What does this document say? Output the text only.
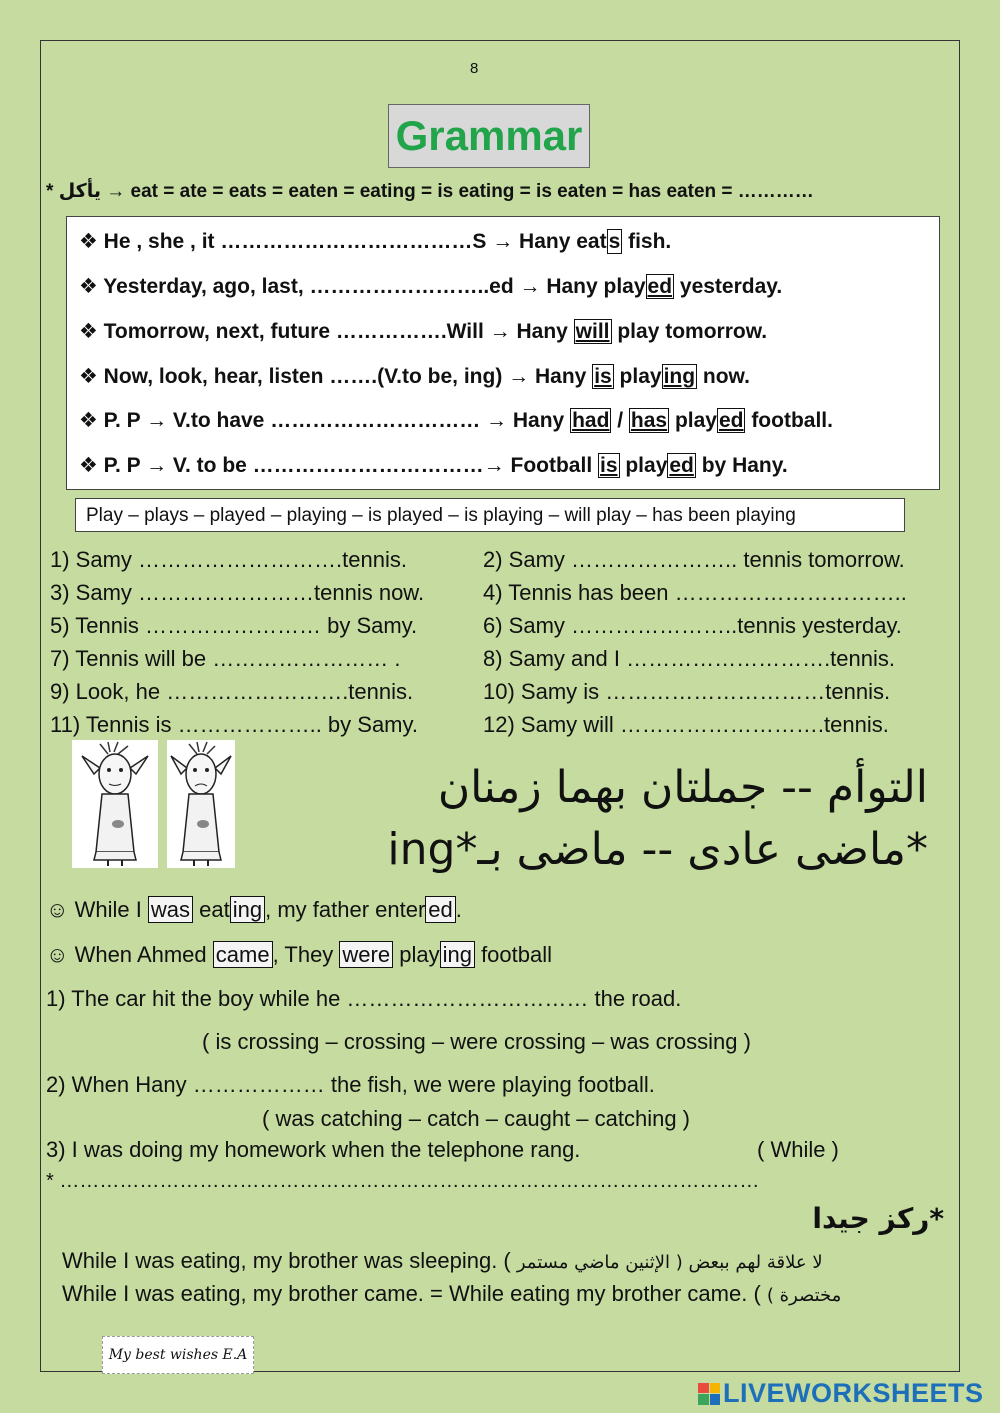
8
Grammar
* يأكل → eat = ate = eats = eaten = eating = is eating = is eaten = has eaten = …………
❖ He , she , it ………………………………S → Hany eats fish.
❖ Yesterday, ago, last, ……………………..ed → Hany played yesterday.
❖ Tomorrow, next, future …………….Will → Hany will play tomorrow.
❖ Now, look, hear, listen …….(V.to be, ing) → Hany is playing now.
❖ P. P → V.to have ………………………… → Hany had / has played football.
❖ P. P → V. to be ……………………………→ Football is played by Hany.
Play – plays – played – playing – is played – is playing – will play – has been playing
1) Samy ……………………….tennis.	2) Samy ………………….. tennis tomorrow.
3) Samy ……………………tennis now.	4) Tennis has been …………………………..
5) Tennis …………………… by Samy.	6) Samy …………………..tennis yesterday.
7) Tennis will be …………………… .	8) Samy and I ……………………….tennis.
9) Look, he …………………….tennis.	10) Samy is …………………………tennis.
11) Tennis is ……………….. by Samy.	12) Samy will ……………………….tennis.
التوأم -- جملتان بهما زمنان
*ماضى عادى -- ماضى بـ*ing
☺ While I was eat ing , my father enter ed .
☺ When Ahmed came , They were play ing football
1) The car hit the boy while he …………………………… the road.
( is crossing – crossing – were crossing – was crossing )
2) When Hany ……………… the fish, we were playing football.
( was catching – catch – caught – catching )
3) I was doing my homework when the telephone rang.	( While )
* ……………………………………………………………………………………………
*ركز جيدا
While I was eating, my brother was sleeping. ( لا علاقة لهم ببعض ( الإثنين ماضي مستمر
While I was eating, my brother came. = While eating my brother came. ( مختصرة )
My best wishes E.A
LIVEWORKSHEETS
